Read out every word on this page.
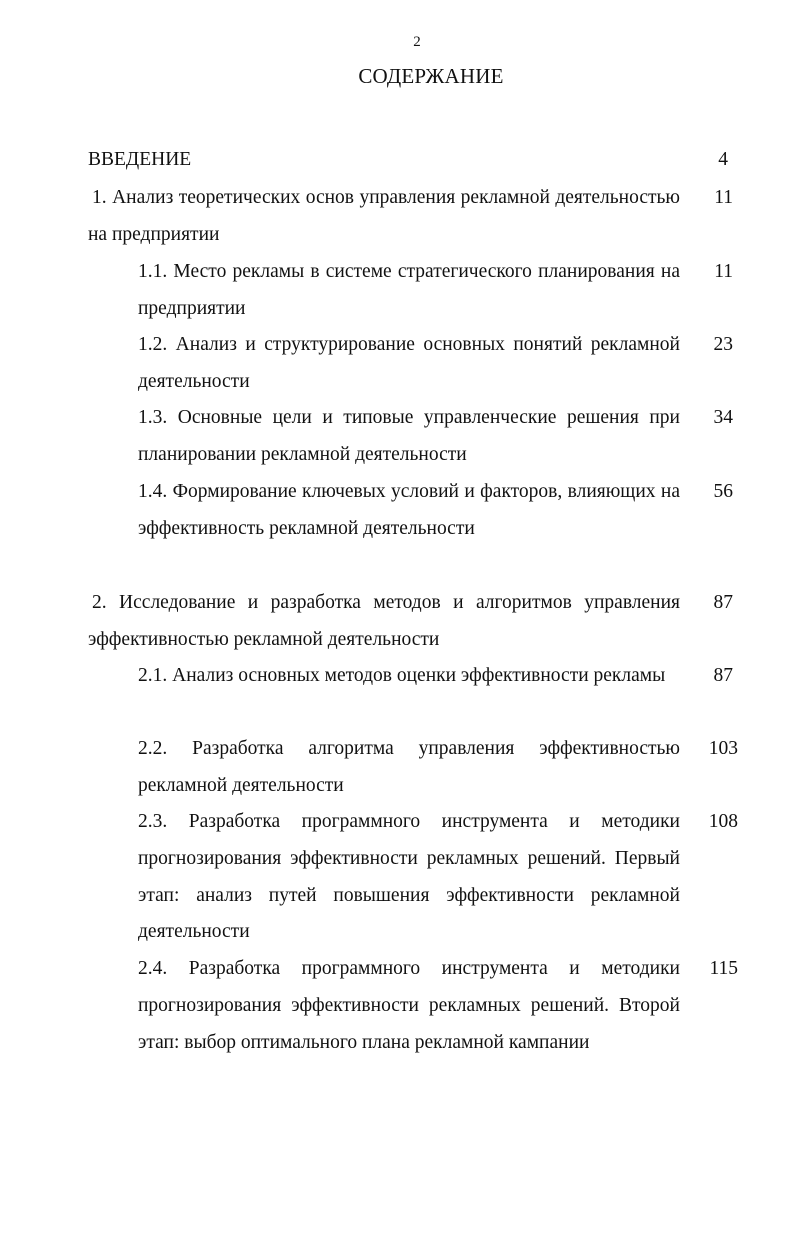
2
СОДЕРЖАНИЕ
ВВЕДЕНИЕ	4
1. Анализ теоретических основ управления рекламной деятельностью на предприятии
11
1.1. Место рекламы в системе стратегического планирования на предприятии
11
1.2. Анализ и структурирование основных понятий рекламной деятельности
23
1.3. Основные цели и типовые управленческие решения при планировании рекламной деятельности
34
1.4. Формирование ключевых условий и факторов, влияющих на эффективность рекламной деятельности
56
2. Исследование и разработка методов и алгоритмов управления эффективностью рекламной деятельности
87
2.1. Анализ основных методов оценки эффективности рекламы	87
2.2. Разработка алгоритма управления эффективностью рекламной деятельности
103
2.3. Разработка программного инструмента и методики прогнозирования эффективности рекламных решений. Первый этап: анализ путей повышения эффективности рекламной деятельности
108
2.4. Разработка программного инструмента и методики прогнозирования эффективности рекламных решений. Второй этап: выбор оптимального плана рекламной кампании
115
